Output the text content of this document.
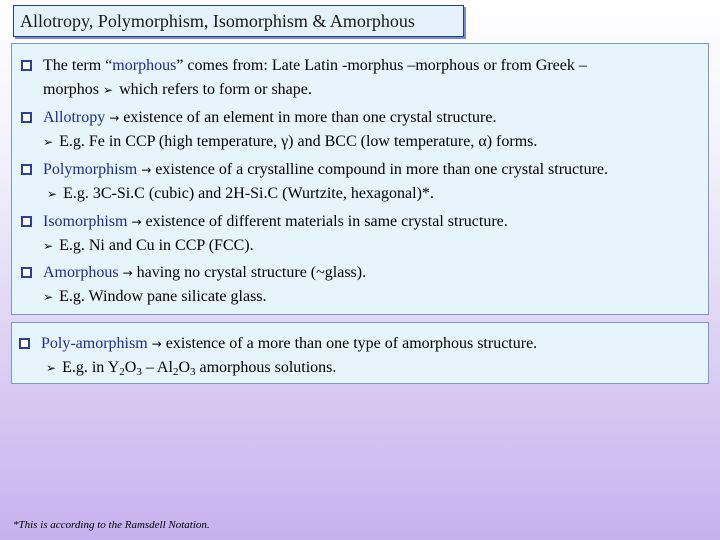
Allotropy, Polymorphism, Isomorphism & Amorphous
The term “morphous” comes from: Late Latin -morphus –morphous or from Greek –
morphos ➢ which refers to form or shape.
Allotropy → existence of an element in more than one crystal structure.
➢ E.g. Fe in CCP (high temperature, γ) and BCC (low temperature, α) forms.
Polymorphism → existence of a crystalline compound in more than one crystal structure.
➢ E.g. 3C-Si.C (cubic) and 2H-Si.C (Wurtzite, hexagonal)*.
Isomorphism → existence of different materials in same crystal structure.
➢ E.g. Ni and Cu in CCP (FCC).
Amorphous → having no crystal structure (~glass).
➢ E.g. Window pane silicate glass.
Poly-amorphism → existence of a more than one type of amorphous structure.
➢ E.g. in $Y_2O_3 - Al_2O_3$ amorphous solutions.
*This is according to the Ramsdell Notation.
